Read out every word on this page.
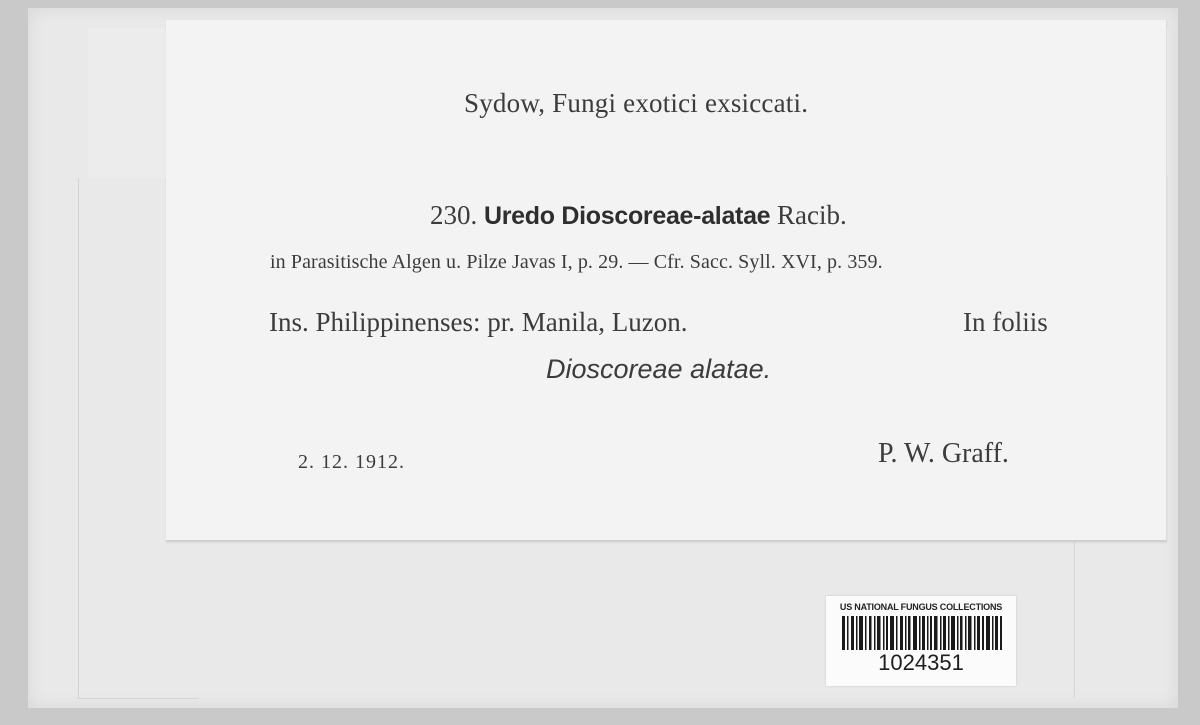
Sydow, Fungi exotici exsiccati.
230. Uredo Dioscoreae-alatae Racib.
in Parasitische Algen u. Pilze Javas I, p. 29. — Cfr. Sacc. Syll. XVI, p. 359.
Ins. Philippinenses: pr. Manila, Luzon.	In foliis
Dioscoreae alatae.
2. 12. 1912.	P. W. Graff.
US NATIONAL FUNGUS COLLECTIONS
1024351
